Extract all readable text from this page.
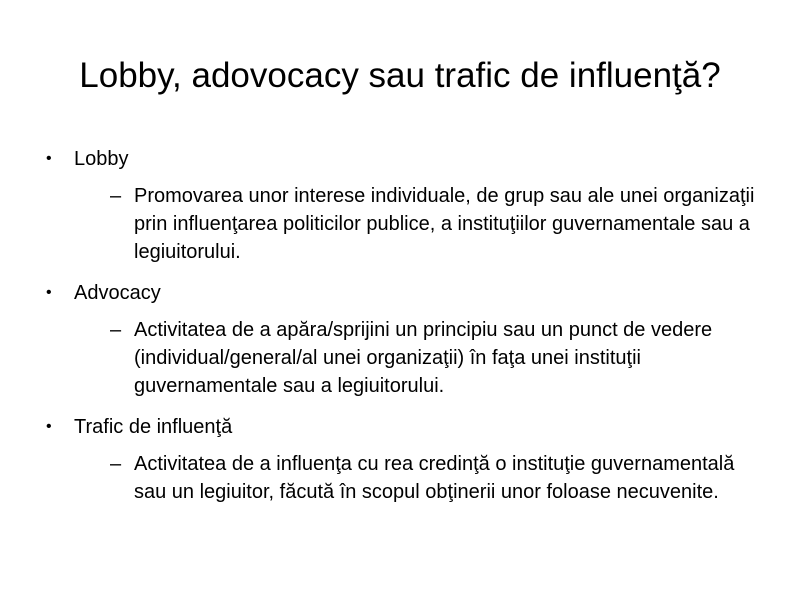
Lobby, adovocacy sau trafic de influenţă?
• Lobby
– Promovarea unor interese individuale, de grup sau ale unei organizaţii prin influenţarea politicilor publice, a instituţiilor guvernamentale sau a legiuitorului.
• Advocacy
– Activitatea de a apăra/sprijini un principiu sau un punct de vedere (individual/general/al unei organizaţii) în faţa unei instituţii guvernamentale sau a legiuitorului.
• Trafic de influenţă
– Activitatea de a influenţa cu rea credinţă o instituţie guvernamentală sau un legiuitor, făcută în scopul obţinerii unor foloase necuvenite.
